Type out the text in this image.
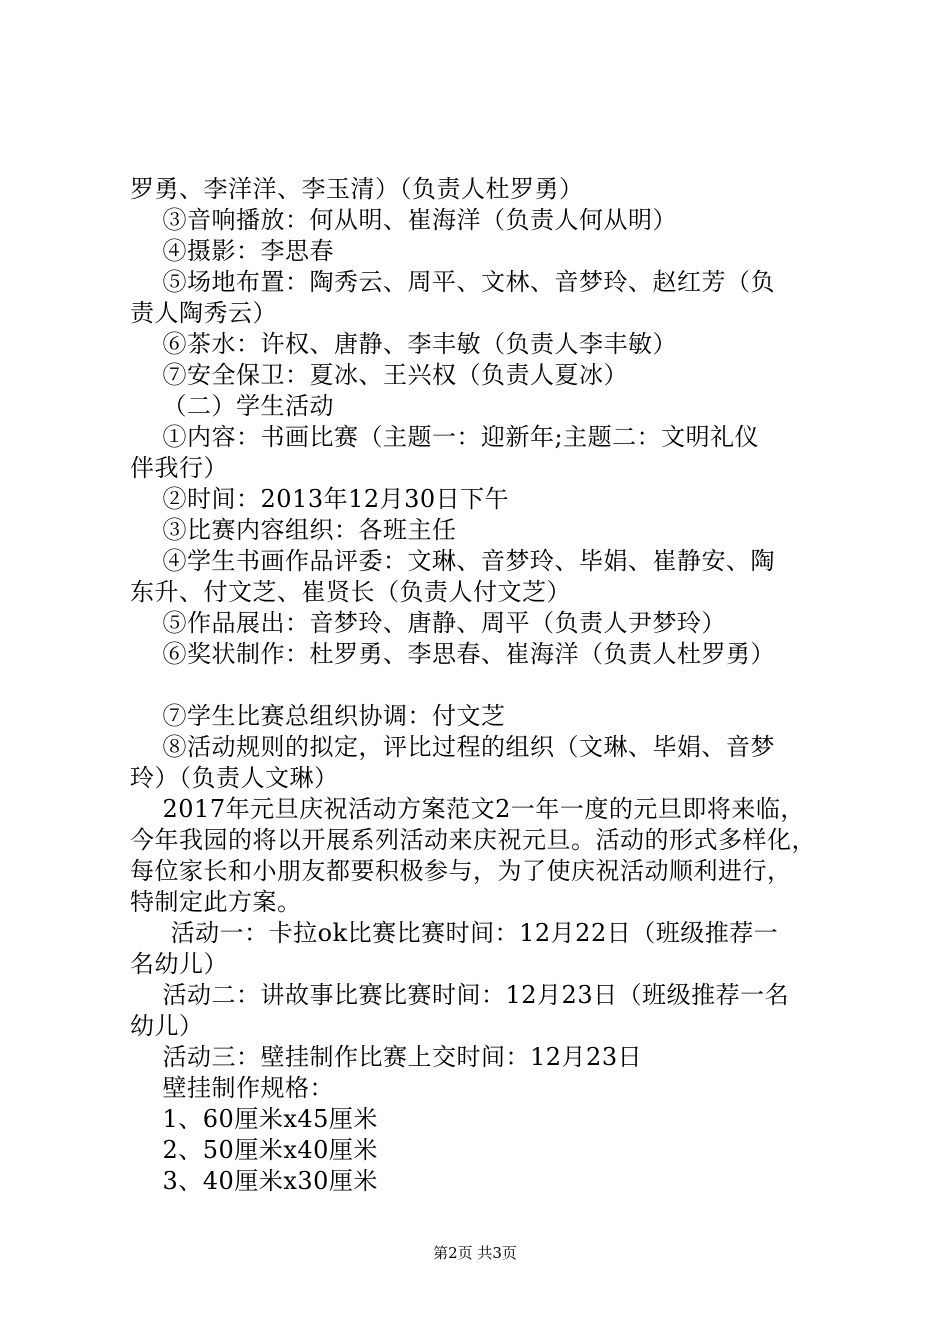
罗勇、李洋洋、李玉清）（负责人杜罗勇）
③音响播放：何从明、崔海洋（负责人何从明）
④摄影：李思春
⑤场地布置：陶秀云、周平、文林、音梦玲、赵红芳（负
责人陶秀云）
⑥茶水：许权、唐静、李丰敏（负责人李丰敏）
⑦安全保卫：夏冰、王兴权（负责人夏冰）
（二）学生活动
①内容：书画比赛（主题一：迎新年;主题二：文明礼仪
伴我行）
②时间：2013年12月30日下午
③比赛内容组织：各班主任
④学生书画作品评委：文琳、音梦玲、毕娟、崔静安、陶
东升、付文芝、崔贤长（负责人付文芝）
⑤作品展出：音梦玲、唐静、周平（负责人尹梦玲）
⑥奖状制作：杜罗勇、李思春、崔海洋（负责人杜罗勇）
⑦学生比赛总组织协调：付文芝
⑧活动规则的拟定，评比过程的组织（文琳、毕娟、音梦
玲）（负责人文琳）
2017年元旦庆祝活动方案范文2一年一度的元旦即将来临，
今年我园的将以开展系列活动来庆祝元旦。活动的形式多样化，
每位家长和小朋友都要积极参与，为了使庆祝活动顺利进行，
特制定此方案。
活动一：卡拉ok比赛比赛时间：12月22日（班级推荐一
名幼儿）
活动二：讲故事比赛比赛时间：12月23日（班级推荐一名
幼儿）
活动三：壁挂制作比赛上交时间：12月23日
壁挂制作规格：
1、60厘米x45厘米
2、50厘米x40厘米
3、40厘米x30厘米
第2页 共3页
